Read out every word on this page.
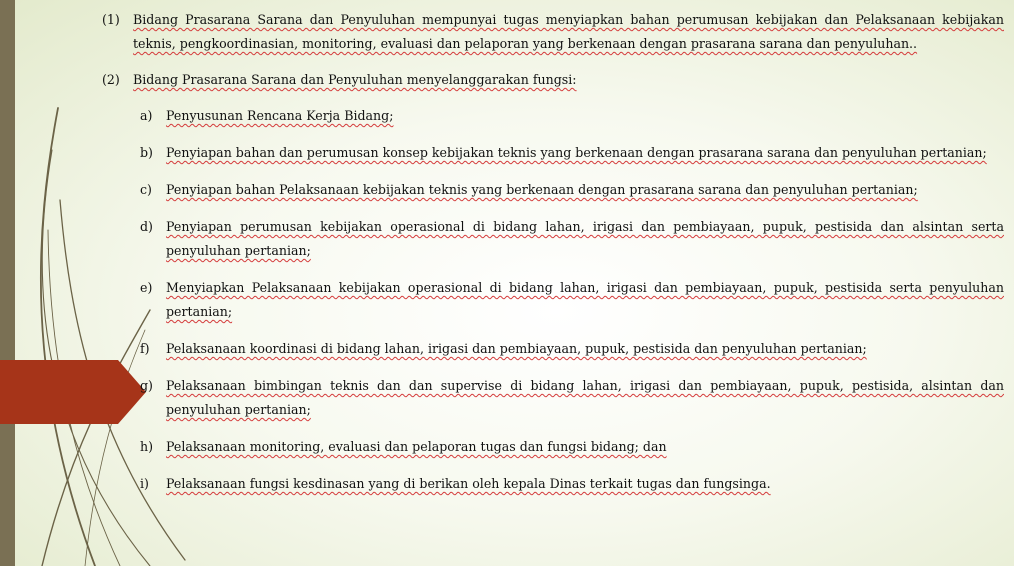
(1)	Bidang Prasarana Sarana dan Penyuluhan mempunyai tugas menyiapkan bahan perumusan kebijakan dan Pelaksanaan kebijakan teknis, pengkoordinasian, monitoring, evaluasi dan pelaporan yang berkenaan dengan prasarana sarana dan penyuluhan..
(2)	Bidang Prasarana Sarana dan Penyuluhan menyelanggarakan fungsi:
a)	Penyusunan Rencana Kerja Bidang;
b)	Penyiapan bahan dan perumusan konsep kebijakan teknis yang berkenaan dengan prasarana sarana dan penyuluhan pertanian;
c)	Penyiapan bahan Pelaksanaan kebijakan teknis yang berkenaan dengan prasarana sarana dan penyuluhan pertanian;
d)	Penyiapan perumusan kebijakan operasional di bidang lahan, irigasi dan pembiayaan, pupuk, pestisida dan alsintan serta penyuluhan pertanian;
e)	Menyiapkan Pelaksanaan kebijakan operasional di bidang lahan, irigasi dan pembiayaan, pupuk, pestisida serta penyuluhan pertanian;
f)	Pelaksanaan koordinasi di bidang lahan, irigasi dan pembiayaan, pupuk, pestisida dan penyuluhan pertanian;
g)	Pelaksanaan bimbingan teknis dan dan supervise di bidang lahan, irigasi dan pembiayaan, pupuk, pestisida, alsintan dan penyuluhan pertanian;
h)	Pelaksanaan monitoring, evaluasi dan pelaporan tugas dan fungsi bidang; dan
i)	Pelaksanaan fungsi kesdinasan yang di berikan oleh kepala Dinas terkait tugas dan fungsinga.
